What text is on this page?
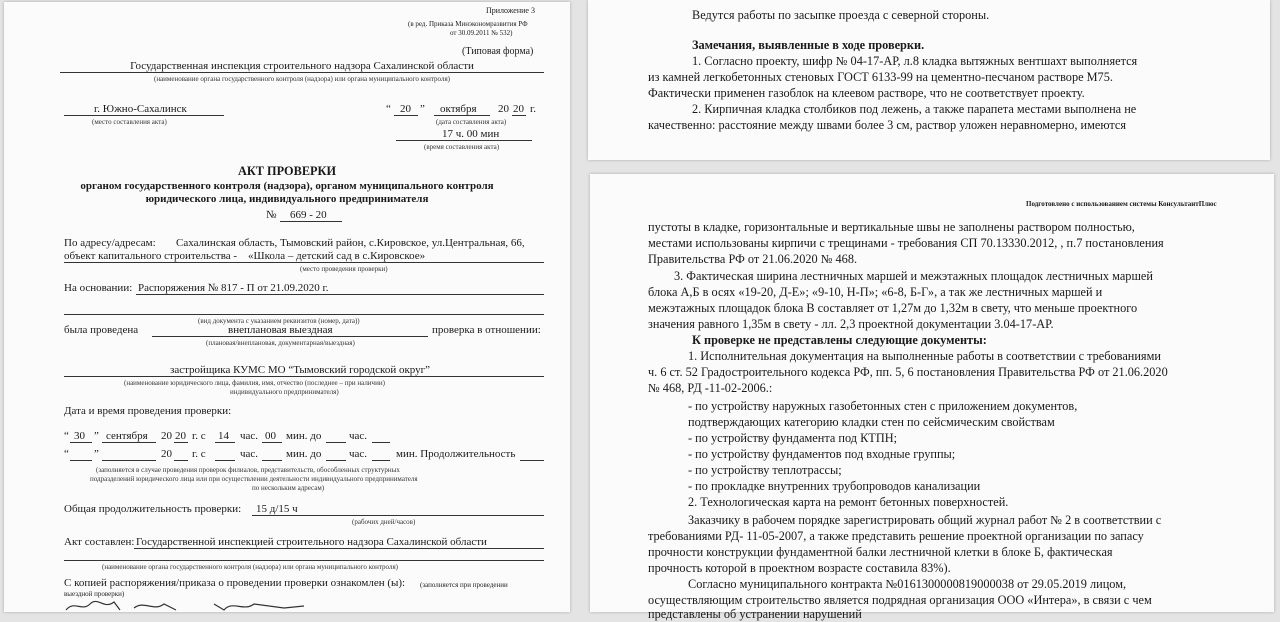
Приложение 3
(в ред. Приказа Минэкономразвития РФ
от 30.09.2011 № 532)
(Типовая форма)
Государственная инспекция строительного надзора Сахалинской области
(наименование органа государственного контроля (надзора) или органа муниципального контроля)
г. Южно-Сахалинск
(место составления акта)
“ 20 ” октября 20 20 г.
(дата составления акта)
17 ч. 00 мин
(время составления акта)
АКТ ПРОВЕРКИ
органом государственного контроля (надзора), органом муниципального контроля
юридического лица, индивидуального предпринимателя
№ 669 - 20
По адресу/адресам: Сахалинская область, Тымовский район, с.Кировское, ул.Центральная, 66,
объект капитального строительства - «Школа – детский сад в с.Кировское»
(место проведения проверки)
На основании: Распоряжения № 817 - П от 21.09.2020 г.
(вид документа с указанием реквизитов (номер, дата))
была проведена	внеплановая выездная	проверка в отношении:
(плановая/внеплановая, документарная/выездная)
застройщика КУМС МО “Тымовский городской округ”
(наименование юридического лица, фамилия, имя, отчество (последнее – при наличии)
индивидуального предпринимателя)
Дата и время проведения проверки:
“ 30 ” сентября 20 20 г. с 14 час. 00 мин. до	час.
“ ”	20 г. с	час.	мин. до	час.	мин. Продолжительность
(заполняется в случае проведения проверок филиалов, представительств, обособленных структурных
подразделений юридического лица или при осуществлении деятельности индивидуального предпринимателя
по нескольким адресам)
Общая продолжительность проверки: 15 д/15 ч
(рабочих дней/часов)
Акт составлен: Государственной инспекцией строительного надзора Сахалинской области
(наименование органа государственного контроля (надзора) или органа муниципального контроля)
С копией распоряжения/приказа о проведении проверки ознакомлен (ы): (заполняется при проведении
выездной проверки)
Ведутся работы по засыпке проезда с северной стороны.
Замечания, выявленные в ходе проверки.
1. Согласно проекту, шифр № 04-17-АР, л.8 кладка вытяжных вентшахт выполняется
из камней легкобетонных стеновых ГОСТ 6133-99 на цементно-песчаном растворе М75.
Фактически применен газоблок на клеевом растворе, что не соответствует проекту.
2. Кирпичная кладка столбиков под лежень, а также парапета местами выполнена не
качественно: расстояние между швами более 3 см, раствор уложен неравномерно, имеются
Подготовлено с использованием системы КонсультантПлюс
пустоты в кладке, горизонтальные и вертикальные швы не заполнены раствором полностью,
местами использованы кирпичи с трещинами - требования СП 70.13330.2012, , п.7 постановления
Правительства РФ от 21.06.2020 № 468.
3. Фактическая ширина лестничных маршей и межэтажных площадок лестничных маршей
блока А,Б в осях «19-20, Д-Е»; «9-10, Н-П»; «6-8, Б-Г», а так же лестничных маршей и
межэтажных площадок блока В составляет от 1,27м до 1,32м в свету, что меньше проектного
значения равного 1,35м в свету - лл. 2,3 проектной документации 3.04-17-АР.
К проверке не представлены следующие документы:
1. Исполнительная документация на выполненные работы в соответствии с требованиями
ч. 6 ст. 52 Градостроительного кодекса РФ, пп. 5, 6 постановления Правительства РФ от 21.06.2020
№ 468, РД -11-02-2006.:
- по устройству наружных газобетонных стен с приложением документов,
подтверждающих категорию кладки стен по сейсмическим свойствам
- по устройству фундамента под КТПН;
- по устройству фундаментов под входные группы;
- по устройству теплотрассы;
- по прокладке внутренних трубопроводов канализации
2. Технологическая карта на ремонт бетонных поверхностей.
Заказчику в рабочем порядке зарегистрировать общий журнал работ № 2 в соответствии с
требованиями РД- 11-05-2007, а также представить решение проектной организации по запасу
прочности конструкции фундаментной балки лестничной клетки в блоке Б, фактическая
прочность которой в проектном возрасте составила 83%).
Согласно муниципального контракта №0161300000819000038 от 29.05.2019 лицом,
осуществляющим строительство является подрядная организация ООО «Интера», в связи с чем
представлены об устранении нарушений
